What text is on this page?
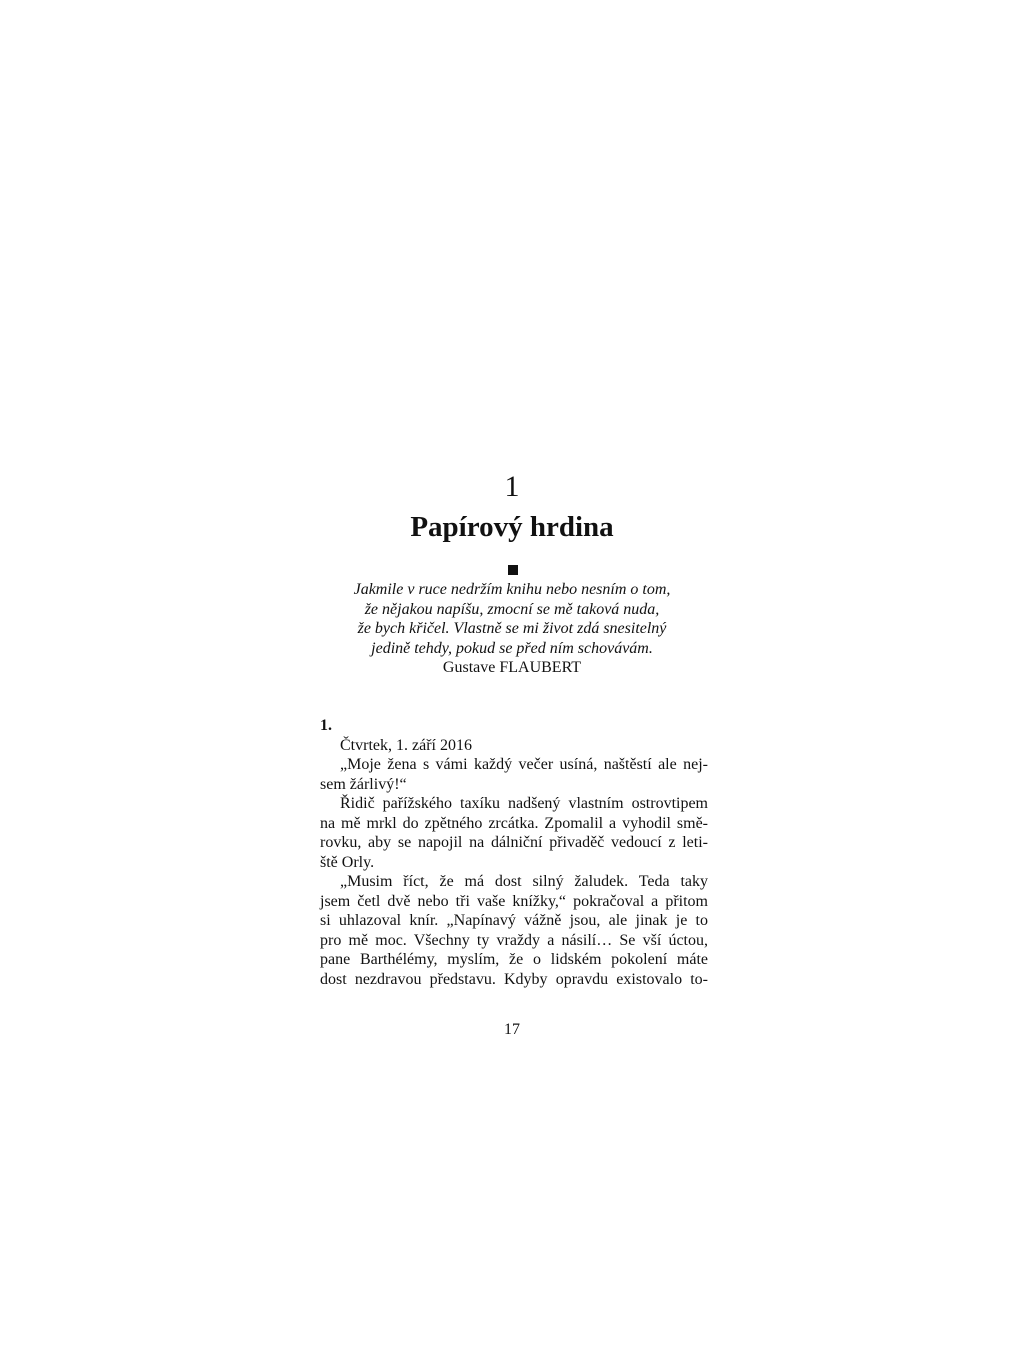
1
Papírový hrdina
Jakmile v ruce nedržím knihu nebo nesním o tom,
že nějakou napíšu, zmocní se mě taková nuda,
že bych křičel. Vlastně se mi život zdá snesitelný
jedině tehdy, pokud se před ním schovávám.
Gustave FLAUBERT
1.
Čtvrtek, 1. září 2016
„Moje žena s vámi každý večer usíná, naštěstí ale nej-
sem žárlivý!“
Řidič pařížského taxíku nadšený vlastním ostrovtipem
na mě mrkl do zpětného zrcátka. Zpomalil a vyhodil smě-
rovku, aby se napojil na dálniční přivaděč vedoucí z leti-
ště Orly.
„Musim říct, že má dost silný žaludek. Teda taky
jsem četl dvě nebo tři vaše knížky,“ pokračoval a přitom
si uhlazoval knír. „Napínavý vážně jsou, ale jinak je to
pro mě moc. Všechny ty vraždy a násilí… Se vší úctou,
pane Barthélémy, myslím, že o lidském pokolení máte
dost nezdravou představu. Kdyby opravdu existovalo to-
17
